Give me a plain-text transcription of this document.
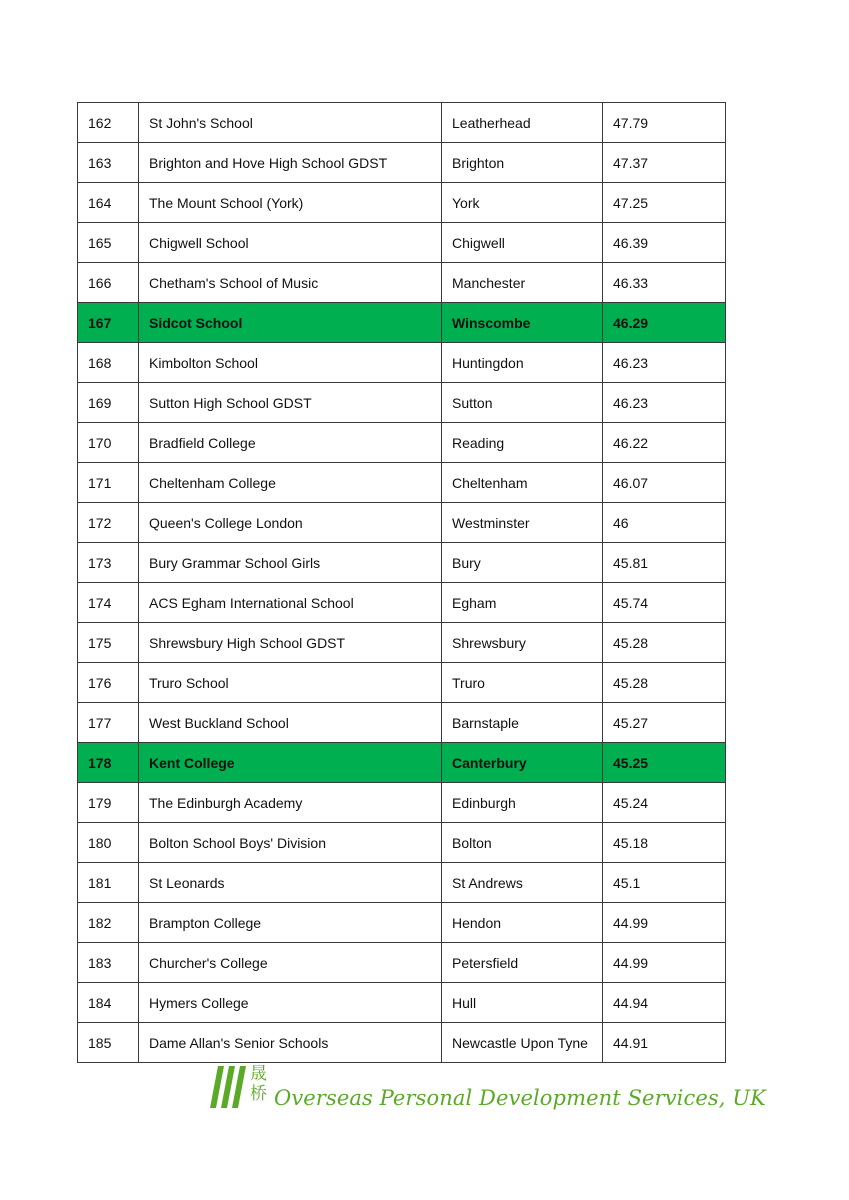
162	St John's School	Leatherhead	47.79
163	Brighton and Hove High School GDST	Brighton	47.37
164	The Mount School (York)	York	47.25
165	Chigwell School	Chigwell	46.39
166	Chetham's School of Music	Manchester	46.33
167	Sidcot School	Winscombe	46.29
168	Kimbolton School	Huntingdon	46.23
169	Sutton High School GDST	Sutton	46.23
170	Bradfield College	Reading	46.22
171	Cheltenham College	Cheltenham	46.07
172	Queen's College London	Westminster	46
173	Bury Grammar School Girls	Bury	45.81
174	ACS Egham International School	Egham	45.74
175	Shrewsbury High School GDST	Shrewsbury	45.28
176	Truro School	Truro	45.28
177	West Buckland School	Barnstaple	45.27
178	Kent College	Canterbury	45.25
179	The Edinburgh Academy	Edinburgh	45.24
180	Bolton School Boys' Division	Bolton	45.18
181	St Leonards	St Andrews	45.1
182	Brampton College	Hendon	44.99
183	Churcher's College	Petersfield	44.99
184	Hymers College	Hull	44.94
185	Dame Allan's Senior Schools	Newcastle Upon Tyne	44.91
晟
桥 Overseas Personal Development Services, UK
